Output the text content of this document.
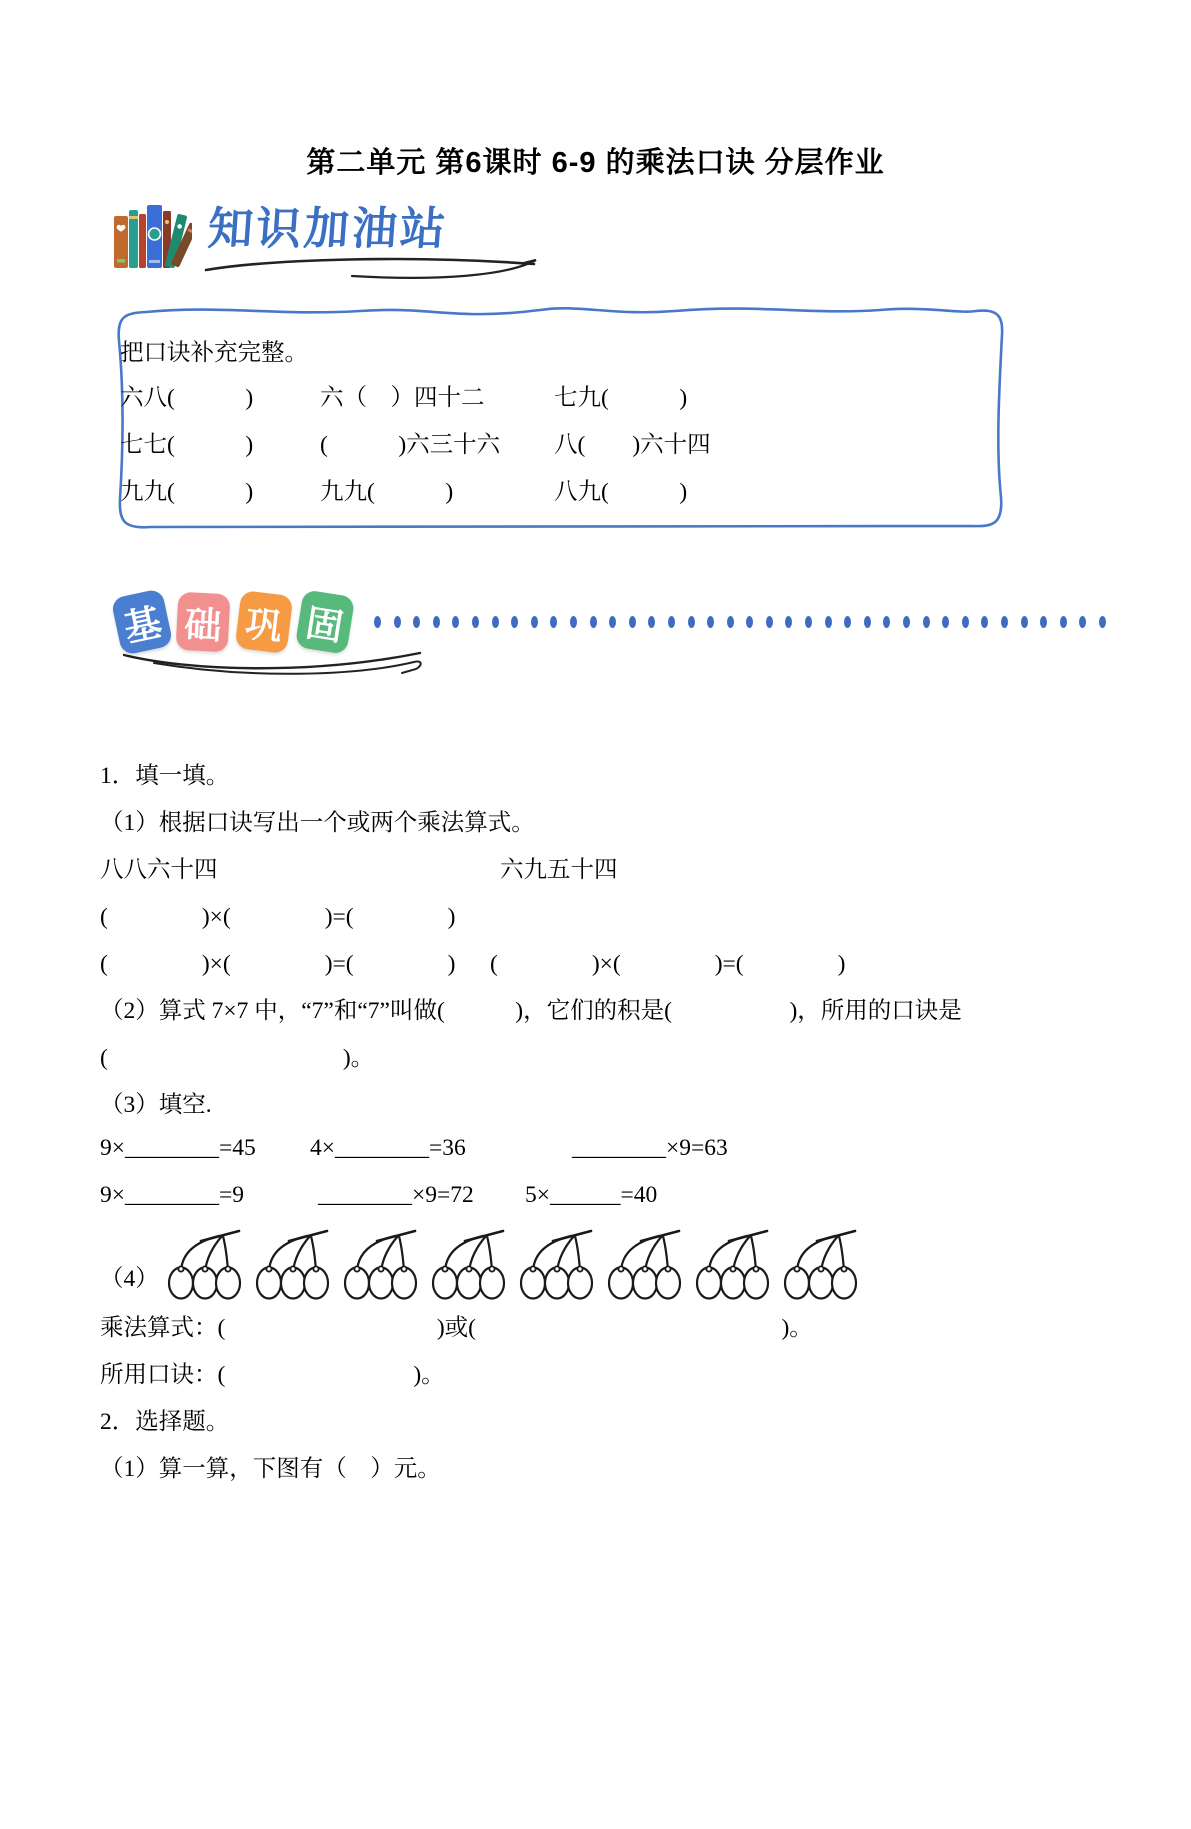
第二单元 第6课时 6-9 的乘法口诀 分层作业
知识加油站
把口诀补充完整。
六八(　　　)	六（　）四十二	七九(　　　)
七七(　　　)	(　　　)六三十六	八(　　)六十四
九九(　　　)	九九(　　　)	八九(　　　)
基 础 巩 固
1．填一填。
（1）根据口诀写出一个或两个乘法算式。
八八六十四	六九五十四
(　　　　)×(　　　　)=(　　　　)
(　　　　)×(　　　　)=(　　　　)	(　　　　)×(　　　　)=(　　　　)
（2）算式 7×7 中，“7”和“7”叫做(　　　)，它们的积是(　　　　　)，所用的口诀是
(　　　　　　　　　　)。
（3）填空.
9×________=45	4×________=36	________×9=63
9×________=9	________×9=72	5×______=40
（4）
乘法算式：(　　　　　　　　　)或(　　　　　　　　　　　　　)。
所用口诀：(　　　　　　　　)。
2．选择题。
（1）算一算，下图有（　）元。
